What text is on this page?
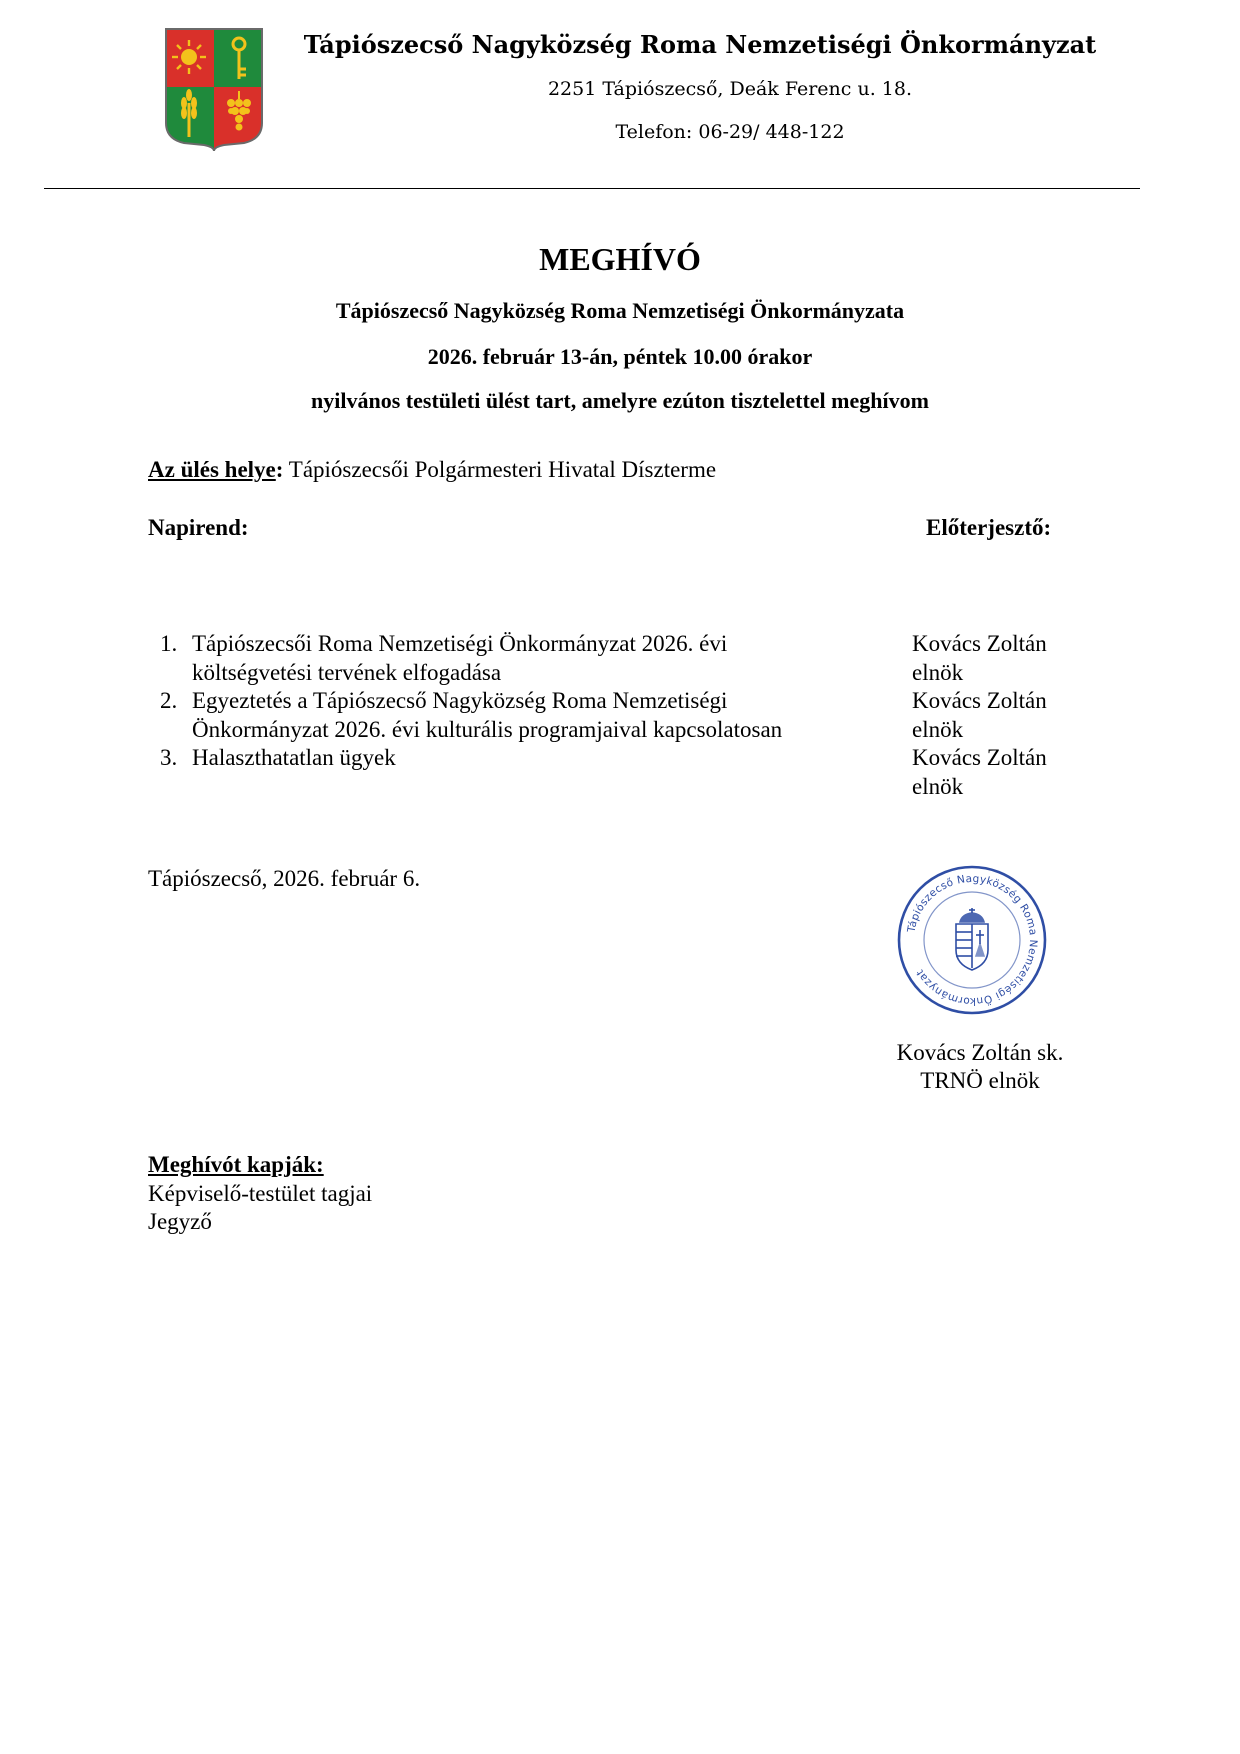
Tápiószecső Nagyközség Roma Nemzetiségi Önkormányzat
2251 Tápiószecső, Deák Ferenc u. 18.
Telefon: 06-29/ 448-122
MEGHÍVÓ
Tápiószecső Nagyközség Roma Nemzetiségi Önkormányzata
2026. február 13-án, péntek 10.00 órakor
nyilvános testületi ülést tart, amelyre ezúton tisztelettel meghívom
Az ülés helye: Tápiószecsői Polgármesteri Hivatal Díszterme
Napirend:	Előterjesztő:
1. Tápiószecsői Roma Nemzetiségi Önkormányzat 2026. évi
költségvetési tervének elfogadása
Kovács Zoltán
elnök
2. Egyeztetés a Tápiószecső Nagyközség Roma Nemzetiségi
Önkormányzat 2026. évi kulturális programjaival kapcsolatosan
Kovács Zoltán
elnök
3. Halaszthatatlan ügyek	Kovács Zoltán
elnök
Tápiószecső, 2026. február 6.
Tápiószecső Nagyközség Roma Nemzetiségi Önkormányzat
Kovács Zoltán sk.
TRNÖ elnök
Meghívót kapják:
Képviselő-testület tagjai
Jegyző
